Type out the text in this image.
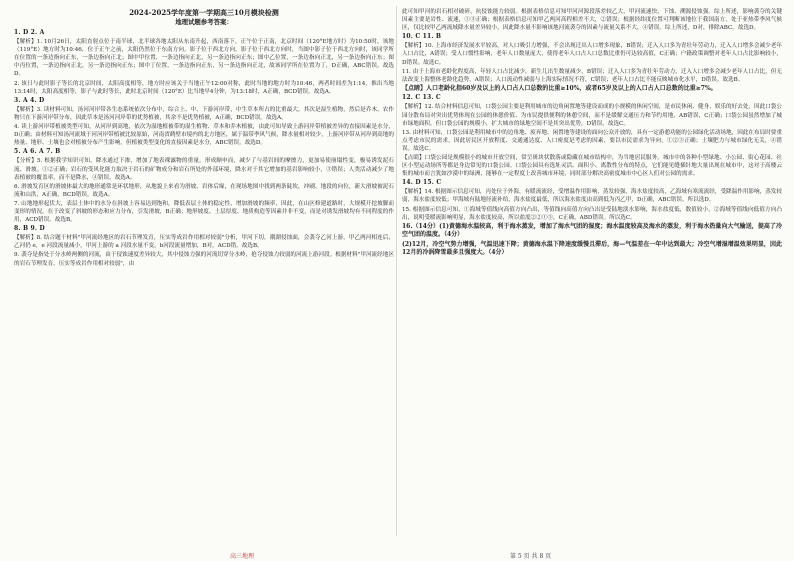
2024-2025学年度第一学期高三10月模块检测
地理试题参考答案：

1. D 2. A

【解析】1. 10月26日，太阳直射点位于南半球，北半球各地太阳从东南升起，西南落下，正午位于正南，北京时间（120°E地方时）为10:50时，该地（119°E）地方时为10:46，位于正午之前，太阳仍然位于东南方向，影子位于西北方向，影子位于西北方向时，当图中影子位于西北方向时，该同学所在位置的一条边指向正东，一条边指向正北；图中甲位置，一条边指向正北，另一条边指向正东；图中乙位置，一条边指向正北，另一条边指向正东；图中丙位置，一条边指向正北，另一条边指向正东；图中丁位置，一条边指向正东，另一条边指向正北，故该同学所在位置为丁，D正确，ABC错误。故选D。

2. 该日与此时影子等长的北京时间，太阳高度相等，地方时应该关于当地正午12:00对称，此时当地的地方时为10:46，两者时间差为1:14，推出当地13:14时，太阳高度相等，影子与此时等长，此时北京时间（120°E）比当地早4分钟，为13:18时，A正确，BCD错误。故选A。

3. A 4. D

【解析】3. 读材料可知，汤河河岸带各生态系统依次分布中，综合上、中、下游河岸带，中生草本所占的比重最大，其次是湿生植物，然后是乔木，农作物只在下游河岸带分布，因此草本是汤河河岸带的优势植被，其余不是优势植被，A正确，BCD错误。故选A。

4. 读上游河岸带植被类型可知，从河岸到高地，依次为湿地植被带的湿生植物、草本和乔木植被，由此可知导致上游河岸带植被差异的直接因素是水分，D正确；由材料可知汤河流域于河河岸带植被比较原始，河南省鹤壁市境内的北方地区，属于温带季风气候，降水量相对较少，上游河岸带从河岸到高地的热量、地形、土壤也会对植被分布产生影响，但植被类型变化的直接因素是水分，ABC错误。故选D。

5. A 6. A 7. B

【分析】5. 根据我学知识可知，降水通过下渗，增加了地表裸露物的重量，形成顺申而，减少了与基岩间的摩擦力，更加易使崩塌性变，极易诱发泥石流、滑坡。①②正确；岩石的受风化能力取决于岩石的矿物成分和岩石所处的外部环境，降水对于其它增加的基岩影响较小，③错误；人类活动减少了地表植被的覆盖率，而不是降水，④错误。故选A。

6. 滑坡发育区的滑坡体最大的地形通常是环状地形，从地貌上来看为滑坡、岩体后缘，在现场地图中找到两条陡坎，冲刷、地段的向位，新大滑坡被泥石流和山洪，A正确，BCD错误。故选A。

7. 山地地形起伏大，表层土体中的水分在斜坡上容易达到饱和，降低表层土体的稳定性，增加滑坡的频率，因此，在山区修建道路时，大规模开挖坡脚而变形的情况，在于改变了斜坡的形态和应力分布，引发滑坡，B正确；地形坡度、土层厚度、地质构造等因素并非不变，而是对诱发滑坡均有不同程度的作用，ACD错误。故选B。

8. B 9. D

【解析】8. 结合题干材料"甲河流经地区的岩石节理发育，压实等成岩作用相对较弱"分析，甲河下切，潮湖侵蚀面，会袭夺乙河上游，甲乙两河相连后，乙河仍 e，e 河段流量减小，甲河上游的 a 河段水量不变，b河段流量增加，B对，ACD错。故选B。

9. 袭夺是指处于分水岭两侧的河流，由于侵蚀速度差异较大，其中侵蚀力强的河流切穿分水岭，抢夺侵蚀力较弱的河流上游河段。根据材料"甲河流经地区的岩石节理发育，压实等成岩作用相对较弱"，由

此可知甲河的岩石相对破碎，抗侵蚀能力较弱。根据表格信息可知甲河河源段落差较乙大，甲河流速快，下蚀、溯源侵蚀强。综上所述，影响袭夺的关键因素主要是岩性、流速，①③正确；根据表格信息可知甲乙两河高程相差不大，②错误；根据经纬度位置可判断该地位于我国南方，处于亚热带季风气候区，仅比较甲乙两流域降水量差异较小，因此降水量不影响该地河流袭夺的因素与流量关系不大，④错误。综上所述，D对，排除ABC。故选D。

10. C 11. B

【解析】10. 上海市经济发展水平较高，对人口吸引力增强，不会出现迁出人口增多现象，B错误；迁入人口多为青壮年劳动力，迁入人口增多会减少老年人口占比，A错误；受人口惯性影响，老年人口数量庞大，使得老年人口占人口总数比重仍可达较高值，C正确；户籍政策调整对老年人口占比影响较小，D错误。故选C。

11. 由于上海市老龄化程度高，年轻人口占比减少，新生儿出生数量减少，B错误；迁入人口多为青壮年劳动力，迁入人口增多会减少老年人口占比，但无法改变上海整体老龄化趋势，A错误；人口流动性减弱与上海实际情况不符，C错误；老年人口占比不能反映城市化水平，D错误。故选B。

【点睛】人口老龄化指60岁及以上的人口占人口总数的比重≥10%，或者65岁及以上的人口占人口总数的比重≥7%。

12. C 13. C

【解析】12. 结合材料信息可知，口袋公园主要是利用城市的边角闲置地等建设而成的小规模的休闲空间，是市民休闲、健身、娱乐的好去处，因此口袋公园分散布局对突出优势体现在公园的休憩价值、为市民提供便利的休憩空间，而不是缓解交通压力和节约用地，AB错误，C正确；口袋公园虽然增加了城市绿地面积，但口袋公园的规模小，扩大城市的绿地空间不是其突出优势，D错误。故选C。

13. 由材料可知，口袋公园是利用城市中的边角地、废弃地、闲置地等建设的面向公众开放的，具有一定游憩功能的公园绿化活动场地，因此在布局时要重点考虑市民的需求，因此居民区开放程度、交通通达度、人口密度是考虑的因素，要以市民需求为导向，①②③正确；土壤肥力与城市绿化无关，④错误。故选C。

【点睛】口袋公园是规模很小的城市开放空间，常呈斑块状散落或隐藏在城市结构中，为当地居民服务。城市中的各种小型绿地、小公园、街心花园、社区小型运动场所等都是身边常见的口袋公园。口袋公园具有选址灵活、面积小、离散性分布的特点，它们能见缝插针地大量出现在城市中，这对于高楼云集的城市而言犹如沙漠中的绿洲，能够在一定程度上改善城市环境，同时部分解决高密度城市中心区人们对公园的需求。

14. D 15. C

【解析】14. 根据图示信息可知，丙处位于外海，有暖流流经，受增温作用影响，蒸发较强，海水盐度较高，乙海域有寒流流经，受降温作用影响，蒸发较弱，海水盐度较低；甲海域有陆地径流补给，海水盐度最低，所以海水盐度由高到低为丙乙甲，D正确，ABC错误。所以选D。

15. 根据图示信息可知，①海域等值线向高值方向凸出，等值线向高值方向凸出是受陆地淡水影响，海水盐度低，数值较小。②海域等值线向低值方向凸出，说明受暖流影响明显，海水盐度较高，所以盐度②②①③，C正确，ABD错误。所以选C。

16.（14分）(1)黄德海水温较高，利于海水蒸发，增加了海水气团的湿度；海水温度较高及海水的蒸发，利于海水热量向大气输送，提高了冷空气团的温度。（4分）

(2)12月，冷空气势力增强，气温迅速下降；黄德海水温下降速度缓慢且滞后，海—气温差在一年中达到最大；冷空气增湿增温效果明显，因此12月的冷涡降雪最多且强度大。（4分）

高三地理	第 5 页 共 8 页
